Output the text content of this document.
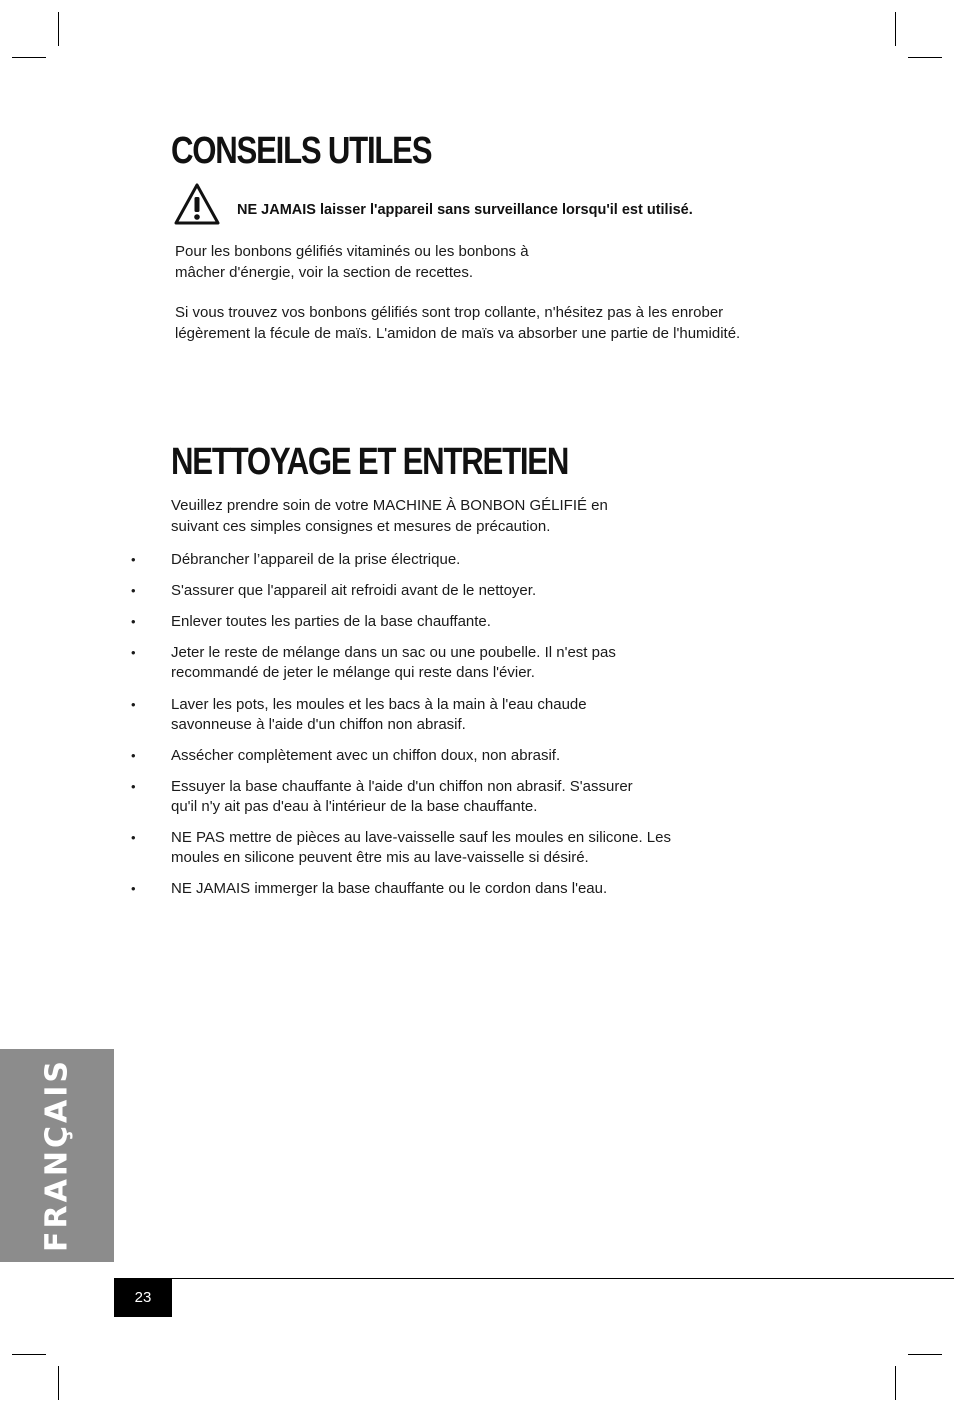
CONSEILS UTILES
NE JAMAIS laisser l'appareil sans surveillance lorsqu'il est utilisé.

Pour les bonbons gélifiés vitaminés ou les bonbons à
mâcher d'énergie, voir la section de recettes.

Si vous trouvez vos bonbons gélifiés sont trop collante, n'hésitez pas à les enrober
légèrement la fécule de maïs. L'amidon de maïs va absorber une partie de l'humidité.

NETTOYAGE ET ENTRETIEN

Veuillez prendre soin de votre MACHINE À BONBON GÉLIFIÉ en
suivant ces simples consignes et mesures de précaution.

• Débrancher l’appareil de la prise électrique.
• S'assurer que l'appareil ait refroidi avant de le nettoyer.
• Enlever toutes les parties de la base chauffante.
• Jeter le reste de mélange dans un sac ou une poubelle. Il n'est pas
recommandé de jeter le mélange qui reste dans l'évier.
• Laver les pots, les moules et les bacs à la main à l'eau chaude
savonneuse à l'aide d'un chiffon non abrasif.
• Assécher complètement avec un chiffon doux, non abrasif.
• Essuyer la base chauffante à l'aide d'un chiffon non abrasif. S'assurer
qu'il n'y ait pas d'eau à l'intérieur de la base chauffante.
• NE PAS mettre de pièces au lave-vaisselle sauf les moules en silicone. Les
moules en silicone peuvent être mis au lave-vaisselle si désiré.
• NE JAMAIS immerger la base chauffante ou le cordon dans l'eau.
FRANÇAIS
23
